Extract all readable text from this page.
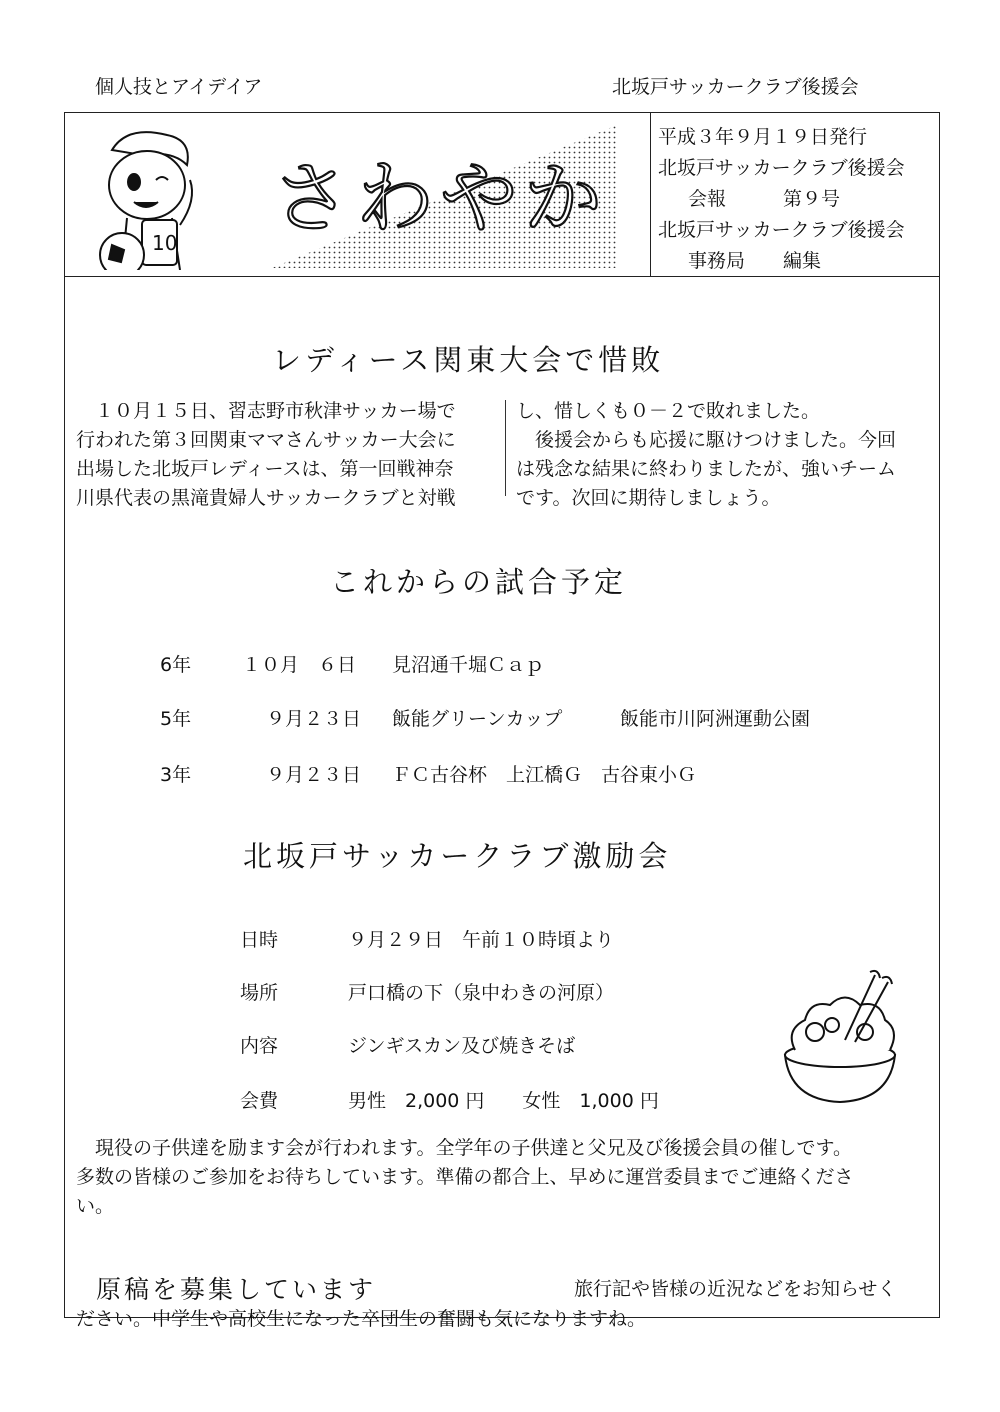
個人技とアイデイア	北坂戸サッカークラブ後援会
10 さわやか
平成３年９月１９日発行
北坂戸サッカークラブ後援会
会報　　　第９号
北坂戸サッカークラブ後援会
事務局　　編集
レディース関東大会で惜敗
　１０月１５日、習志野市秋津サッカー場で
行われた第３回関東ママさんサッカー大会に
出場した北坂戸レディースは、第一回戦神奈
川県代表の黒滝貴婦人サッカークラブと対戦
し、惜しくも０－２で敗れました。
　後援会からも応援に駆けつけました。今回
は残念な結果に終わりましたが、強いチーム
です。次回に期待しましょう。
これからの試合予定
6年	１０月　６日 見沼通千堀Ｃａｐ
5年	９月２３日 飯能グリーンカップ	飯能市川阿洲運動公園
3年	９月２３日 ＦＣ古谷杯　上江橋Ｇ　古谷東小Ｇ
北坂戸サッカークラブ激励会
日時	９月２９日　午前１０時頃より
場所	戸口橋の下（泉中わきの河原）
内容	ジンギスカン及び焼きそば
会費	男性　2,000 円　　女性　1,000 円
　現役の子供達を励ます会が行われます。全学年の子供達と父兄及び後援会員の催しです。
多数の皆様のご参加をお待ちしています。準備の都合上、早めに運営委員までご連絡くださ
い。
原稿を募集しています	旅行記や皆様の近況などをお知らせく
ださい。中学生や高校生になった卒団生の奮闘も気になりますね。
